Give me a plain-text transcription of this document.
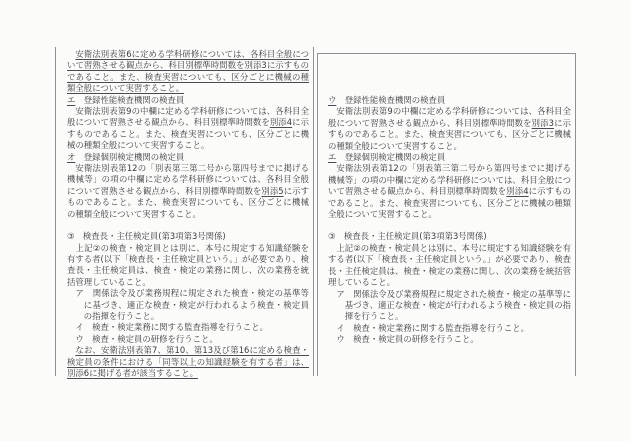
安衛法別表第6に定める学科研修については、各科目全般について習熟させる観点から、科目別標準時間数を別添3に示すものであること。また、検査実習についても、区分ごとに機械の種類全般について実習すること。

エ　登録性能検査機関の検査員

安衛法別表第9の中欄に定める学科研修については、各科目全般について習熟させる観点から、科目別標準時間数を別添4に示すものであること。また、検査実習についても、区分ごとに機械の種類全般について実習すること。

オ　登録個別検定機関の検定員

安衛法別表第12の「別表第三第二号から第四号までに掲げる機械等」の項の中欄に定める学科研修については、各科目全般について習熟させる観点から、科目別標準時間数を別添5に示すものであること。また、検査実習についても、区分ごとに機械の種類全般について実習すること。

③　検査長・主任検定員(第3項第3号関係)

上記②の検査・検定員とは別に、本号に規定する知識経験を有する者(以下「検査長・主任検定員という。」が必要であり、検査長・主任検定員は、検査・検定の業務に関し、次の業務を統括管理していること。

ア　関係法令及び業務規程に規定された検査・検定の基準等に基づき、適正な検査・検定が行われるよう検査・検定員の指揮を行うこと。

イ　検査・検定業務に関する監査指導を行うこと。

ウ　検査・検定員の研修を行うこと。

なお、安衛法別表第7、第10、第13及び第16に定める検査・検定員の条件における「同等以上の知識経験を有する者」は、別添6に掲げる者が該当すること。

ウ　登録性能検査機関の検査員

安衛法別表第9の中欄に定める学科研修については、各科目全般について習熟させる観点から、科目別標準時間数を別添3に示すものであること。また、検査実習についても、区分ごとに機械の種類全般について実習すること。

エ　登録個別検定機関の検定員

安衛法別表第12の「別表第三第二号から第四号までに掲げる機械等」の項の中欄に定める学科研修については、科目全般について習熟させる観点から、科目別標準時間数を別添4に示すものであること。また、検査実習についても、区分ごとに機械の種類全般について実習すること。

③　検査長・主任検定員(第3項第3号関係)

上記②の検査・検定員とは別に、本号に規定する知識経験を有する者(以下「検査長・主任検定員という。」が必要であり、検査長・主任検定員は、検査・検定の業務に関し、次の業務を統括管理していること。

ア　関係法令及び業務規程に規定された検査・検定の基準等に基づき、適正な検査・検定が行われるよう検査・検定員の指揮を行うこと。

イ　検査・検定業務に関する監査指導を行うこと。

ウ　検査・検定員の研修を行うこと。
